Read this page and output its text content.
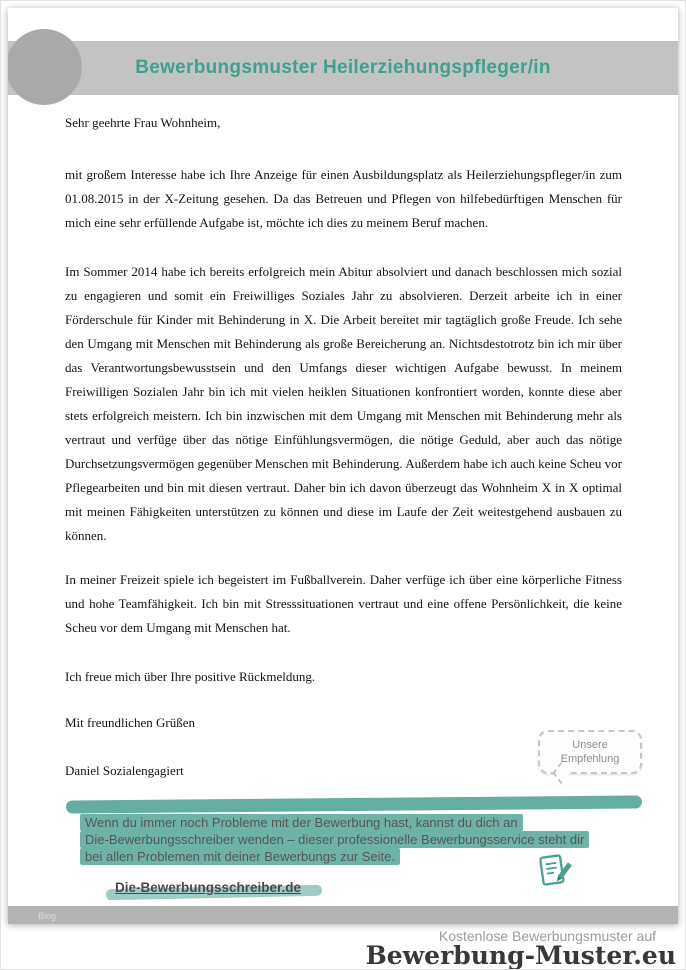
Bewerbungsmuster Heilerziehungspfleger/in

Sehr geehrte Frau Wohnheim,

mit großem Interesse habe ich Ihre Anzeige für einen Ausbildungsplatz als Heilerziehungspfleger/in zum 01.08.2015 in der X-Zeitung gesehen. Da das Betreuen und Pflegen von hilfebedürftigen Menschen für mich eine sehr erfüllende Aufgabe ist, möchte ich dies zu meinem Beruf machen.

Im Sommer 2014 habe ich bereits erfolgreich mein Abitur absolviert und danach beschlossen mich sozial zu engagieren und somit ein Freiwilliges Soziales Jahr zu absolvieren. Derzeit arbeite ich in einer Förderschule für Kinder mit Behinderung in X. Die Arbeit bereitet mir tagtäglich große Freude. Ich sehe den Umgang mit Menschen mit Behinderung als große Bereicherung an. Nichtsdestotrotz bin ich mir über das Verantwortungsbewusstsein und den Umfangs dieser wichtigen Aufgabe bewusst. In meinem Freiwilligen Sozialen Jahr bin ich mit vielen heiklen Situationen konfrontiert worden, konnte diese aber stets erfolgreich meistern. Ich bin inzwischen mit dem Umgang mit Menschen mit Behinderung mehr als vertraut und verfüge über das nötige Einfühlungsvermögen, die nötige Geduld, aber auch das nötige Durchsetzungsvermögen gegenüber Menschen mit Behinderung. Außerdem habe ich auch keine Scheu vor Pflegearbeiten und bin mit diesen vertraut. Daher bin ich davon überzeugt das Wohnheim X in X optimal mit meinen Fähigkeiten unterstützen zu können und diese im Laufe der Zeit weitestgehend ausbauen zu können.

In meiner Freizeit spiele ich begeistert im Fußballverein. Daher verfüge ich über eine körperliche Fitness und hohe Teamfähigkeit. Ich bin mit Stresssituationen vertraut und eine offene Persönlichkeit, die keine Scheu vor dem Umgang mit Menschen hat.

Ich freue mich über Ihre positive Rückmeldung.

Mit freundlichen Grüßen

Daniel Sozialengagiert

Unsere Empfehlung
Wenn du immer noch Probleme mit der Bewerbung hast, kannst du dich an
Die-Bewerbungsschreiber wenden – dieser professionelle Bewerbungsservice steht dir
bei allen Problemen mit deiner Bewerbungs zur Seite.
Die-Bewerbungsschreiber.de
Blog
Kostenlose Bewerbungsmuster auf
Bewerbung-Muster.eu
